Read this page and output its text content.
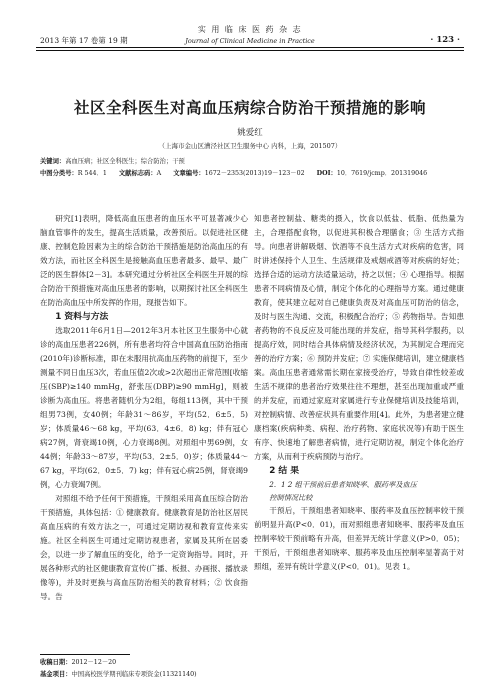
2013 年第 17 卷第 19 期
实 用 临 床 医 药 杂 志
Journal of Clinical Medicine in Practice	· 123 ·
社区全科医生对高血压病综合防治干预措施的影响
姚爱红
（上海市金山区漕泾社区卫生服务中心 内科，上海，201507）
关键词：高血压病；社区全科医生；综合防治；干预
中图分类号：R 544．1 文献标志码：A 文章编号：1672－2353(2013)19－123－02 DOI：10．7619/jcmp．201319046

研究[1]表明，降低高血压患者的血压水平可显著减少心脑血管事件的发生，提高生活质量，改善预后。以促进社区健康、控制危险因素为主的综合防治干预措施是防治高血压的有效方法，而社区全科医生是接触高血压患者最多、最早、最广泛的医生群体[2－3]。本研究通过分析社区全科医生开展的综合防治干预措施对高血压患者的影响，以期探讨社区全科医生在防治高血压中所发挥的作用，现报告如下。

1 资料与方法

选取2011年6月1日—2012年3月本社区卫生服务中心就诊的高血压患者226例，所有患者均符合中国高血压防治指南(2010年)诊断标准，即在未服用抗高血压药物的前提下，至少测量不同日血压3次，若血压值2次或>2次超出正常范围[收缩压(SBP)≥140 mmHg，舒张压(DBP)≥90 mmHg]，则被诊断为高血压。将患者随机分为2组，每组113例，其中干预组男73例，女40例；年龄31～86岁，平均(52．6±5．5)岁；体质量46～68 kg，平均(63．4±6．8) kg；伴有冠心病27例，肾衰竭10例，心力衰竭8例。对照组中男69例，女44例；年龄33～87岁，平均(53．2±5．0)岁；体质量44～67 kg，平均(62．0±5．7) kg；伴有冠心病25例，肾衰竭9例，心力衰竭7例。

对照组不给予任何干预措施，干预组采用高血压综合防治干预措施，具体包括：① 健康教育。健康教育是防治社区居民高血压病的有效方法之一，可通过定期访视和教育宣传来实施。社区全科医生可通过定期访视患者，家属及其所在居委会，以进一步了解血压的变化，给予一定资询指导。同时，开展各种形式的社区健康教育宣传(广播、板报、办画报、播放录像等)，并及时更换与高血压防治相关的教育材料；② 饮食指导。告

知患者控制盐、糖类的摄入，饮食以低盐、低脂、低热量为主，合理搭配食物，以促进其积极合理膳食；③ 生活方式指导。向患者讲解吸烟、饮酒等不良生活方式对疾病的危害，同时讲述保持个人卫生、生活规律及戒烟戒酒等对疾病的好处；选择合适的运动方法适量运动，持之以恒；④ 心理指导。根据患者不同病情及心情，制定个体化的心理指导方案。通过健康教育，使其建立起对自己健康负责及对高血压可防治的信念，及时与医生沟通、交流，积极配合治疗；⑤ 药物指导。告知患者药物的不良反应及可能出现的并发症，指导其科学服药，以提高疗效，同时结合具体病情及经济状况，为其制定合理而完善的治疗方案；⑥ 预防并发症；⑦ 实施保健培训，建立健康档案。高血压患者通常需长期在家接受治疗，导致自律性较差或生活不规律的患者治疗效果往往不理想，甚至出现加重或严重的并发症，而通过家庭对家属进行专业保健培训及技能培训，对控制病情、改善症状具有重要作用[4]。此外，为患者建立健康档案(疾病种类、病程、治疗药物、家庭状况等)有助于医生有序、快速地了解患者病情，进行定期访视，制定个体化治疗方案，从而利于疾病预防与治疗。

2 结 果

2．1 2 组干预前后患者知晓率、服药率及血压
控制情况比较

干预后，干预组患者知晓率、服药率及血压控制率较干预前明显升高(P<0．01)，而对照组患者知晓率、服药率及血压控制率较干预前略有升高，但差异无统计学意义(P>0．05)；干预后，干预组患者知晓率、服药率及血压控制率显著高于对照组，差异有统计学意义(P<0．01)。见表 1。

收稿日期：2012－12－20
基金项目：中国高校医学期刊临床专项资金(11321140)
